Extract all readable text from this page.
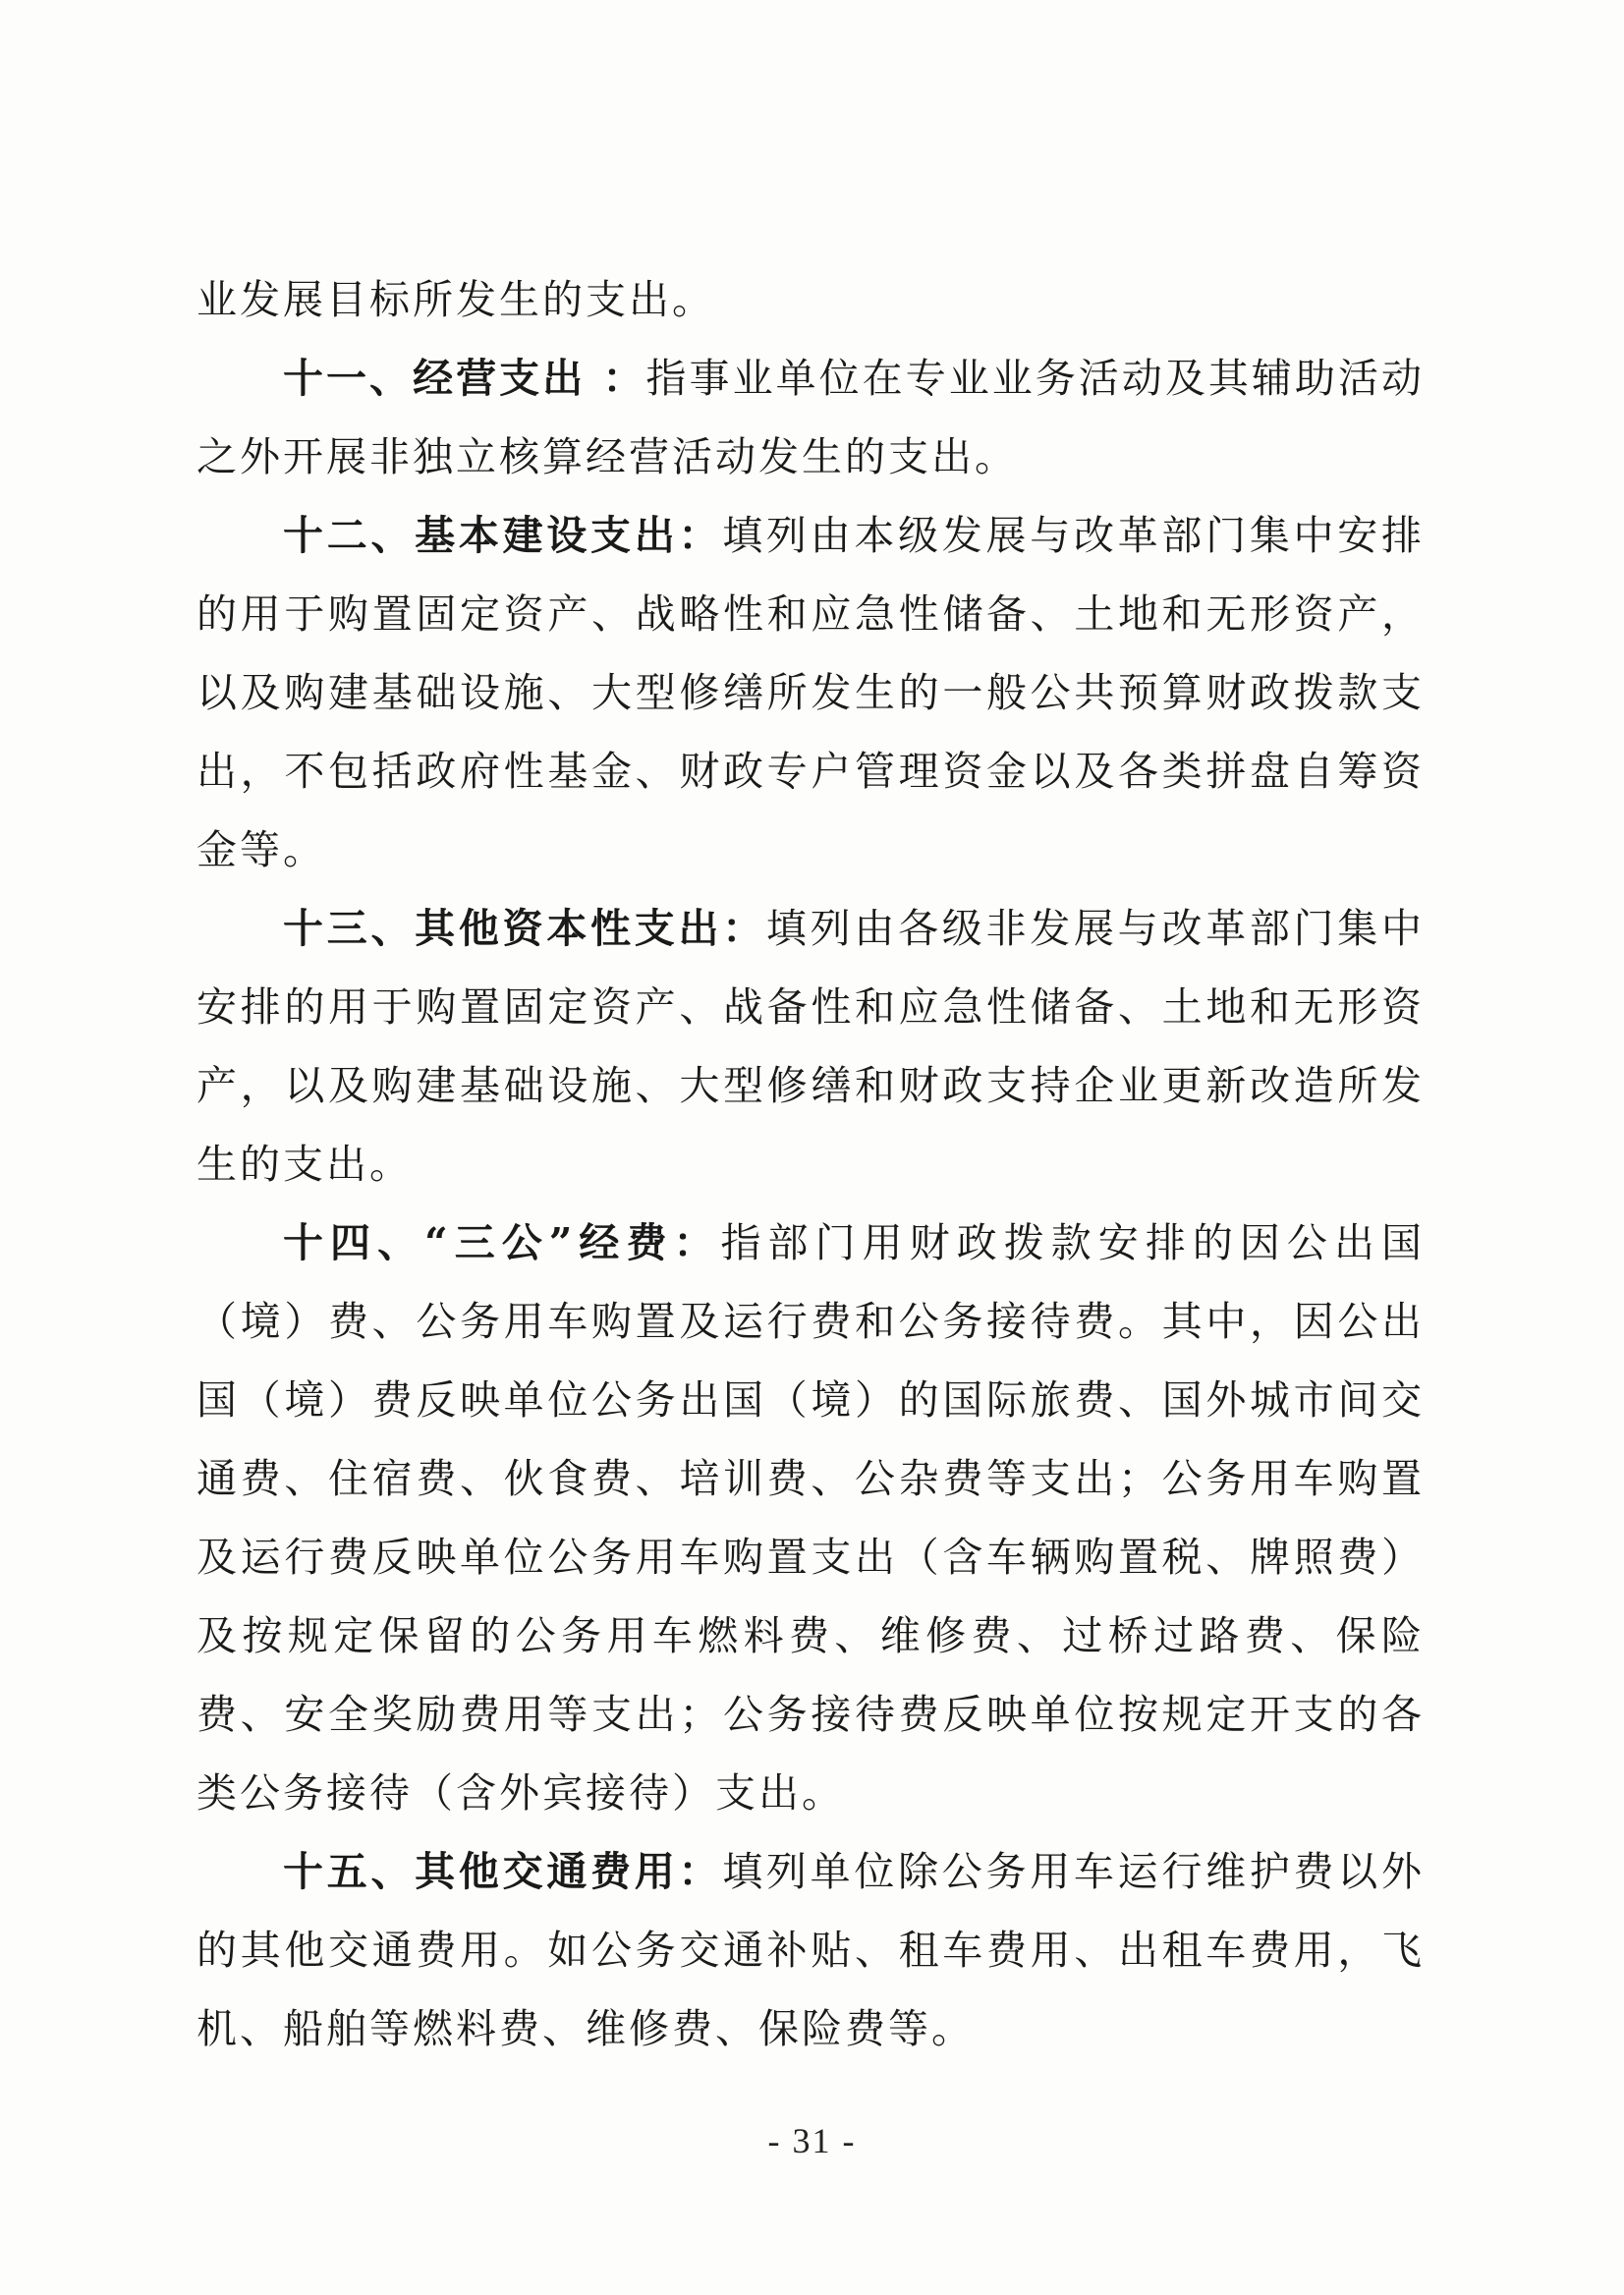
业发展目标所发生的支出。

十一、经营支出 ：指事业单位在专业业务活动及其辅助活动之外开展非独立核算经营活动发生的支出。

十二、基本建设支出：填列由本级发展与改革部门集中安排的用于购置固定资产、战略性和应急性储备、土地和无形资产，以及购建基础设施、大型修缮所发生的一般公共预算财政拨款支出，不包括政府性基金、财政专户管理资金以及各类拼盘自筹资金等。

十三、其他资本性支出：填列由各级非发展与改革部门集中安排的用于购置固定资产、战备性和应急性储备、土地和无形资产，以及购建基础设施、大型修缮和财政支持企业更新改造所发生的支出。

十四、“三公”经费：指部门用财政拨款安排的因公出国（境）费、公务用车购置及运行费和公务接待费。其中，因公出国（境）费反映单位公务出国（境）的国际旅费、国外城市间交通费、住宿费、伙食费、培训费、公杂费等支出；公务用车购置及运行费反映单位公务用车购置支出（含车辆购置税、牌照费）及按规定保留的公务用车燃料费、维修费、过桥过路费、保险费、安全奖励费用等支出；公务接待费反映单位按规定开支的各类公务接待（含外宾接待）支出。

十五、其他交通费用：填列单位除公务用车运行维护费以外的其他交通费用。如公务交通补贴、租车费用、出租车费用，飞机、船舶等燃料费、维修费、保险费等。

- 31 -
